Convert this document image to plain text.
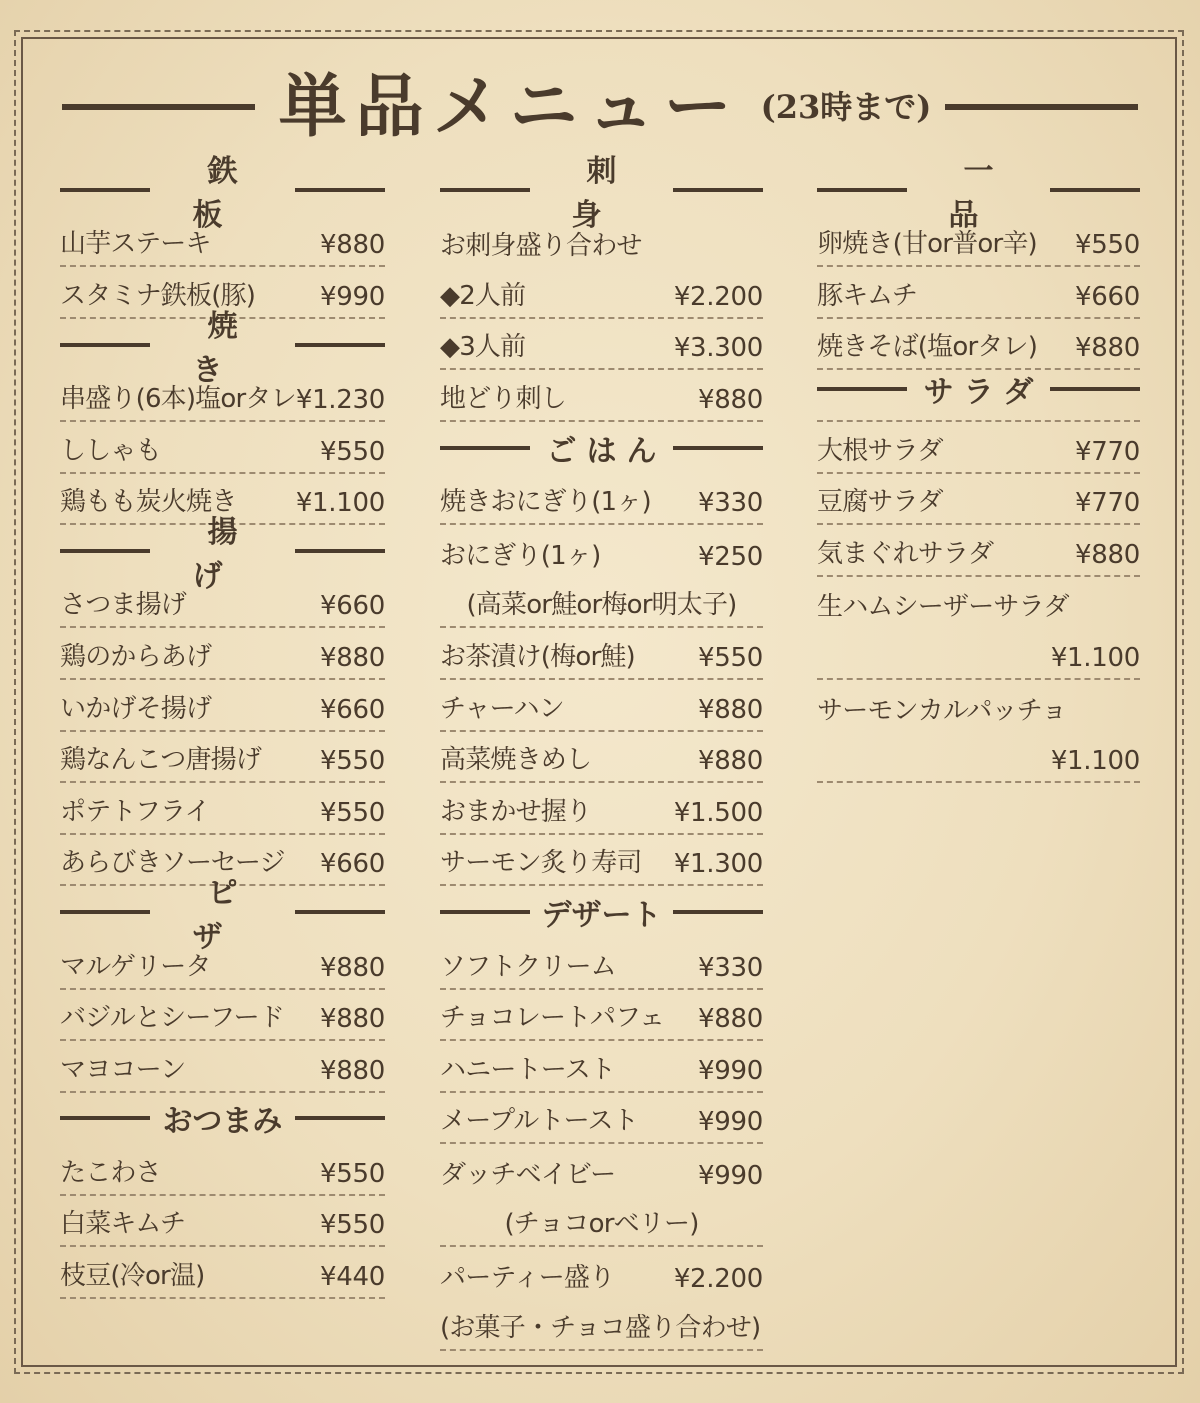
単品メニュー (23時まで)
鉄板
山芋ステーキ	¥880
スタミナ鉄板(豚) ¥990
焼き
串盛り(6本)塩orタレ ¥1.230
ししゃも	¥550
鶏もも炭火焼き ¥1.100
揚げ
さつま揚げ	¥660
鶏のからあげ	¥880
いかげそ揚げ	¥660
鶏なんこつ唐揚げ ¥550
ポテトフライ	¥550
あらびきソーセージ ¥660
ピザ
マルゲリータ	¥880
バジルとシーフード ¥880
マヨコーン	¥880
おつまみ
たこわさ	¥550
白菜キムチ	¥550
枝豆(冷or温)	¥440
刺身
お刺身盛り合わせ
◆2人前	¥2.200
◆3人前	¥3.300
地どり刺し	¥880
ごはん
焼きおにぎり(1ヶ) ¥330
おにぎり(1ヶ)	¥250
(高菜or鮭or梅or明太子)
お茶漬け(梅or鮭) ¥550
チャーハン	¥880
高菜焼きめし	¥880
おまかせ握り	¥1.500
サーモン炙り寿司 ¥1.300
デザート
ソフトクリーム	¥330
チョコレートパフェ ¥880
ハニートースト	¥990
メープルトースト ¥990
ダッチベイビー	¥990
(チョコorベリー)
パーティー盛り ¥2.200
(お菓子・チョコ盛り合わせ)
一品
卵焼き(甘or普or辛) ¥550
豚キムチ	¥660
焼きそば(塩orタレ) ¥880
サラダ
大根サラダ	¥770
豆腐サラダ	¥770
気まぐれサラダ	¥880
生ハムシーザーサラダ
¥1.100
サーモンカルパッチョ
¥1.100
